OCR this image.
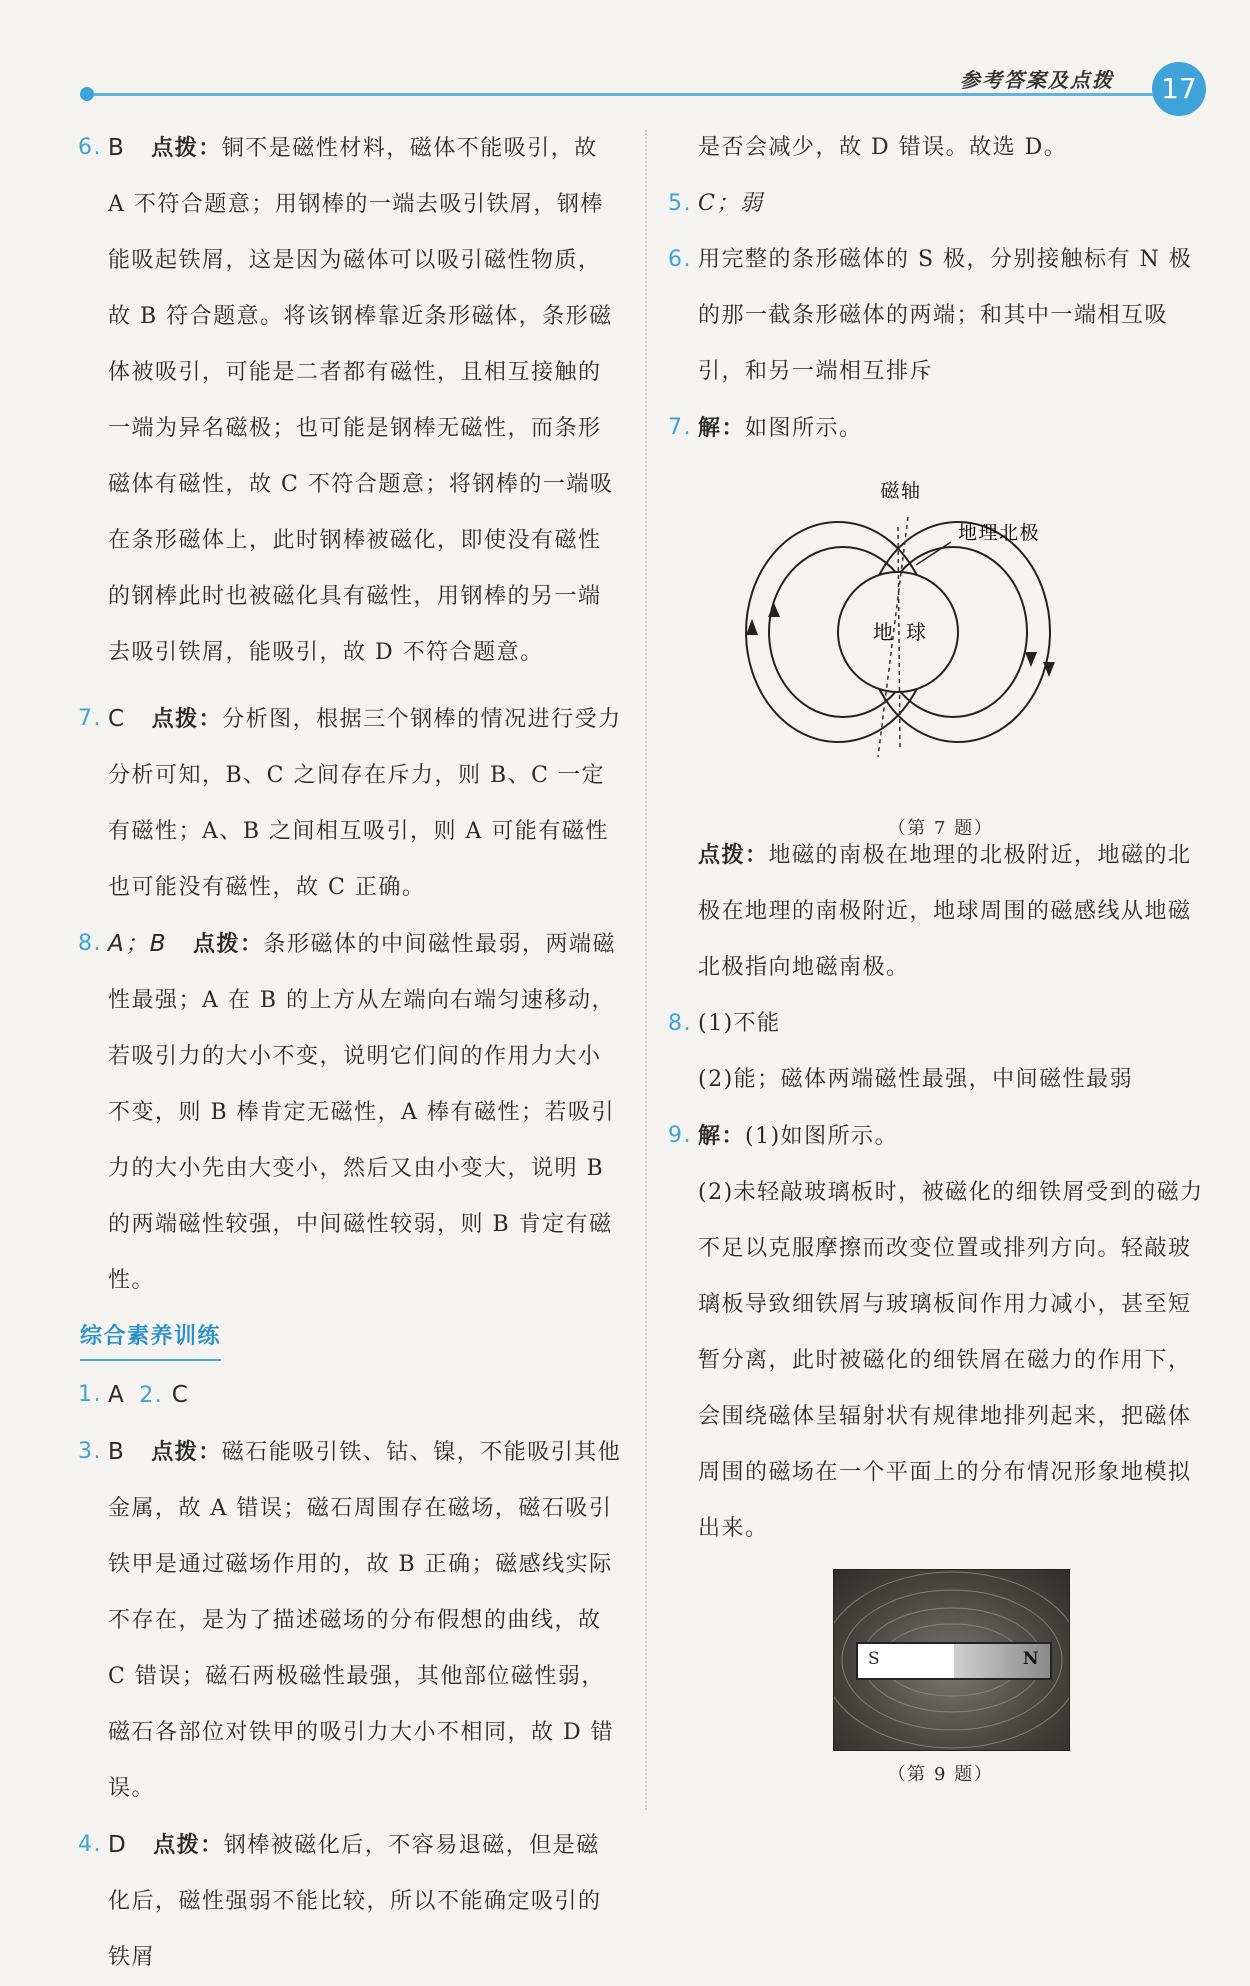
参考答案及点拨	17
6. B 点拨：铜不是磁性材料，磁体不能吸引，故 A 不符合题意；用钢棒的一端去吸引铁屑，钢棒能吸起铁屑，这是因为磁体可以吸引磁性物质，故 B 符合题意。将该钢棒靠近条形磁体，条形磁体被吸引，可能是二者都有磁性，且相互接触的一端为异名磁极；也可能是钢棒无磁性，而条形磁体有磁性，故 C 不符合题意；将钢棒的一端吸在条形磁体上，此时钢棒被磁化，即使没有磁性的钢棒此时也被磁化具有磁性，用钢棒的另一端去吸引铁屑，能吸引，故 D 不符合题意。
7. C 点拨：分析图，根据三个钢棒的情况进行受力分析可知，B、C 之间存在斥力，则 B、C 一定有磁性；A、B 之间相互吸引，则 A 可能有磁性也可能没有磁性，故 C 正确。
8. A；B 点拨：条形磁体的中间磁性最弱，两端磁性最强；A 在 B 的上方从左端向右端匀速移动，若吸引力的大小不变，说明它们间的作用力大小不变，则 B 棒肯定无磁性，A 棒有磁性；若吸引力的大小先由大变小，然后又由小变大，说明 B 的两端磁性较强，中间磁性较弱，则 B 肯定有磁性。
综合素养训练
1. A 2. C
3. B 点拨：磁石能吸引铁、钴、镍，不能吸引其他金属，故 A 错误；磁石周围存在磁场，磁石吸引铁甲是通过磁场作用的，故 B 正确；磁感线实际不存在，是为了描述磁场的分布假想的曲线，故 C 错误；磁石两极磁性最强，其他部位磁性弱，磁石各部位对铁甲的吸引力大小不相同，故 D 错误。
4. D 点拨：钢棒被磁化后，不容易退磁，但是磁化后，磁性强弱不能比较，所以不能确定吸引的铁屑
是否会减少，故 D 错误。故选 D。
5. C；弱
6. 用完整的条形磁体的 S 极，分别接触标有 N 极的那一截条形磁体的两端；和其中一端相互吸引，和另一端相互排斥
7. 解：如图所示。
磁轴
地理北极
地 球
（第 7 题）
点拨：地磁的南极在地理的北极附近，地磁的北极在地理的南极附近，地球周围的磁感线从地磁北极指向地磁南极。
8. (1)不能
(2)能；磁体两端磁性最强，中间磁性最弱
9. 解：(1)如图所示。
(2)未轻敲玻璃板时，被磁化的细铁屑受到的磁力不足以克服摩擦而改变位置或排列方向。轻敲玻璃板导致细铁屑与玻璃板间作用力减小，甚至短暂分离，此时被磁化的细铁屑在磁力的作用下，会围绕磁体呈辐射状有规律地排列起来，把磁体周围的磁场在一个平面上的分布情况形象地模拟出来。
S	N
（第 9 题）
